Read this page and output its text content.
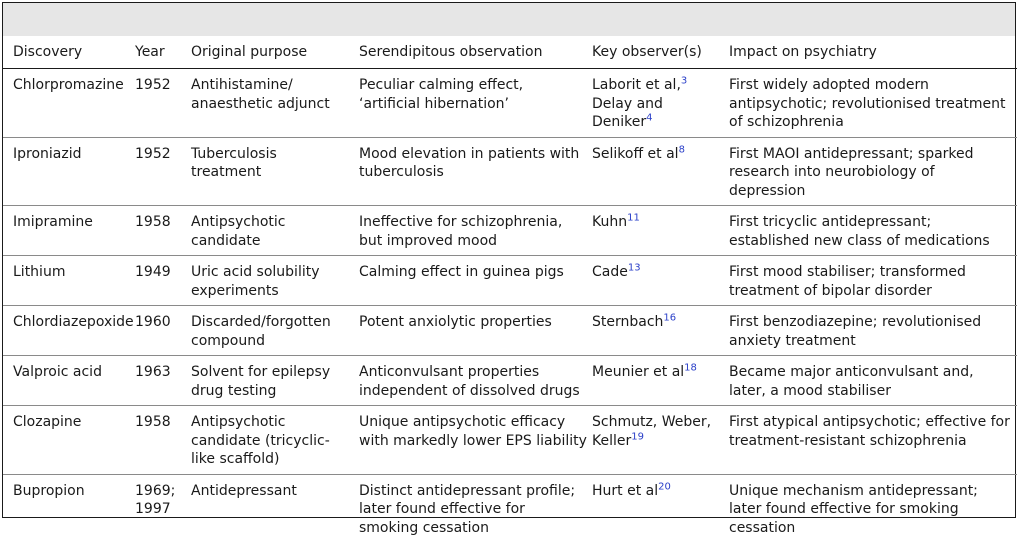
Discovery	Year	Original purpose	Serendipitous observation	Key observer(s)	Impact on psychiatry
Chlorpromazine	1952	Antihistamine/ anaesthetic adjunct	Peculiar calming effect, ‘artificial hibernation’	Laborit et al,$^3$ Delay and Deniker$^4$	First widely adopted modern antipsychotic; revolutionised treatment of schizophrenia
Iproniazid	1952	Tuberculosis treatment	Mood elevation in patients with tuberculosis	Selikoff et $al^8$	First MAOI antidepressant; sparked research into neurobiology of depression
Imipramine	1958	Antipsychotic candidate	Ineffective for schizophrenia, but improved mood	Kuhn$^{11}$	First tricyclic antidepressant; established new class of medications
Lithium	1949	Uric acid solubility experiments	Calming effect in guinea pigs	Cade$^{13}$	First mood stabiliser; transformed treatment of bipolar disorder
Chlordiazepoxide	1960	Discarded/forgotten compound	Potent anxiolytic properties	Sternbach$^{16}$	First benzodiazepine; revolutionised anxiety treatment
Valproic acid	1963	Solvent for epilepsy drug testing	Anticonvulsant properties independent of dissolved drugs	Meunier et $al^{18}$	Became major anticonvulsant and, later, a mood stabiliser
Clozapine	1958	Antipsychotic candidate (tricyclic-like scaffold)	Unique antipsychotic efficacy with markedly lower EPS liability	Schmutz, Weber, Keller$^{19}$	First atypical antipsychotic; effective for treatment-resistant schizophrenia
Bupropion	1969; 1997	Antidepressant	Distinct antidepressant profile; later found effective for smoking cessation	Hurt et $al^{20}$	Unique mechanism antidepressant; later found effective for smoking cessation
